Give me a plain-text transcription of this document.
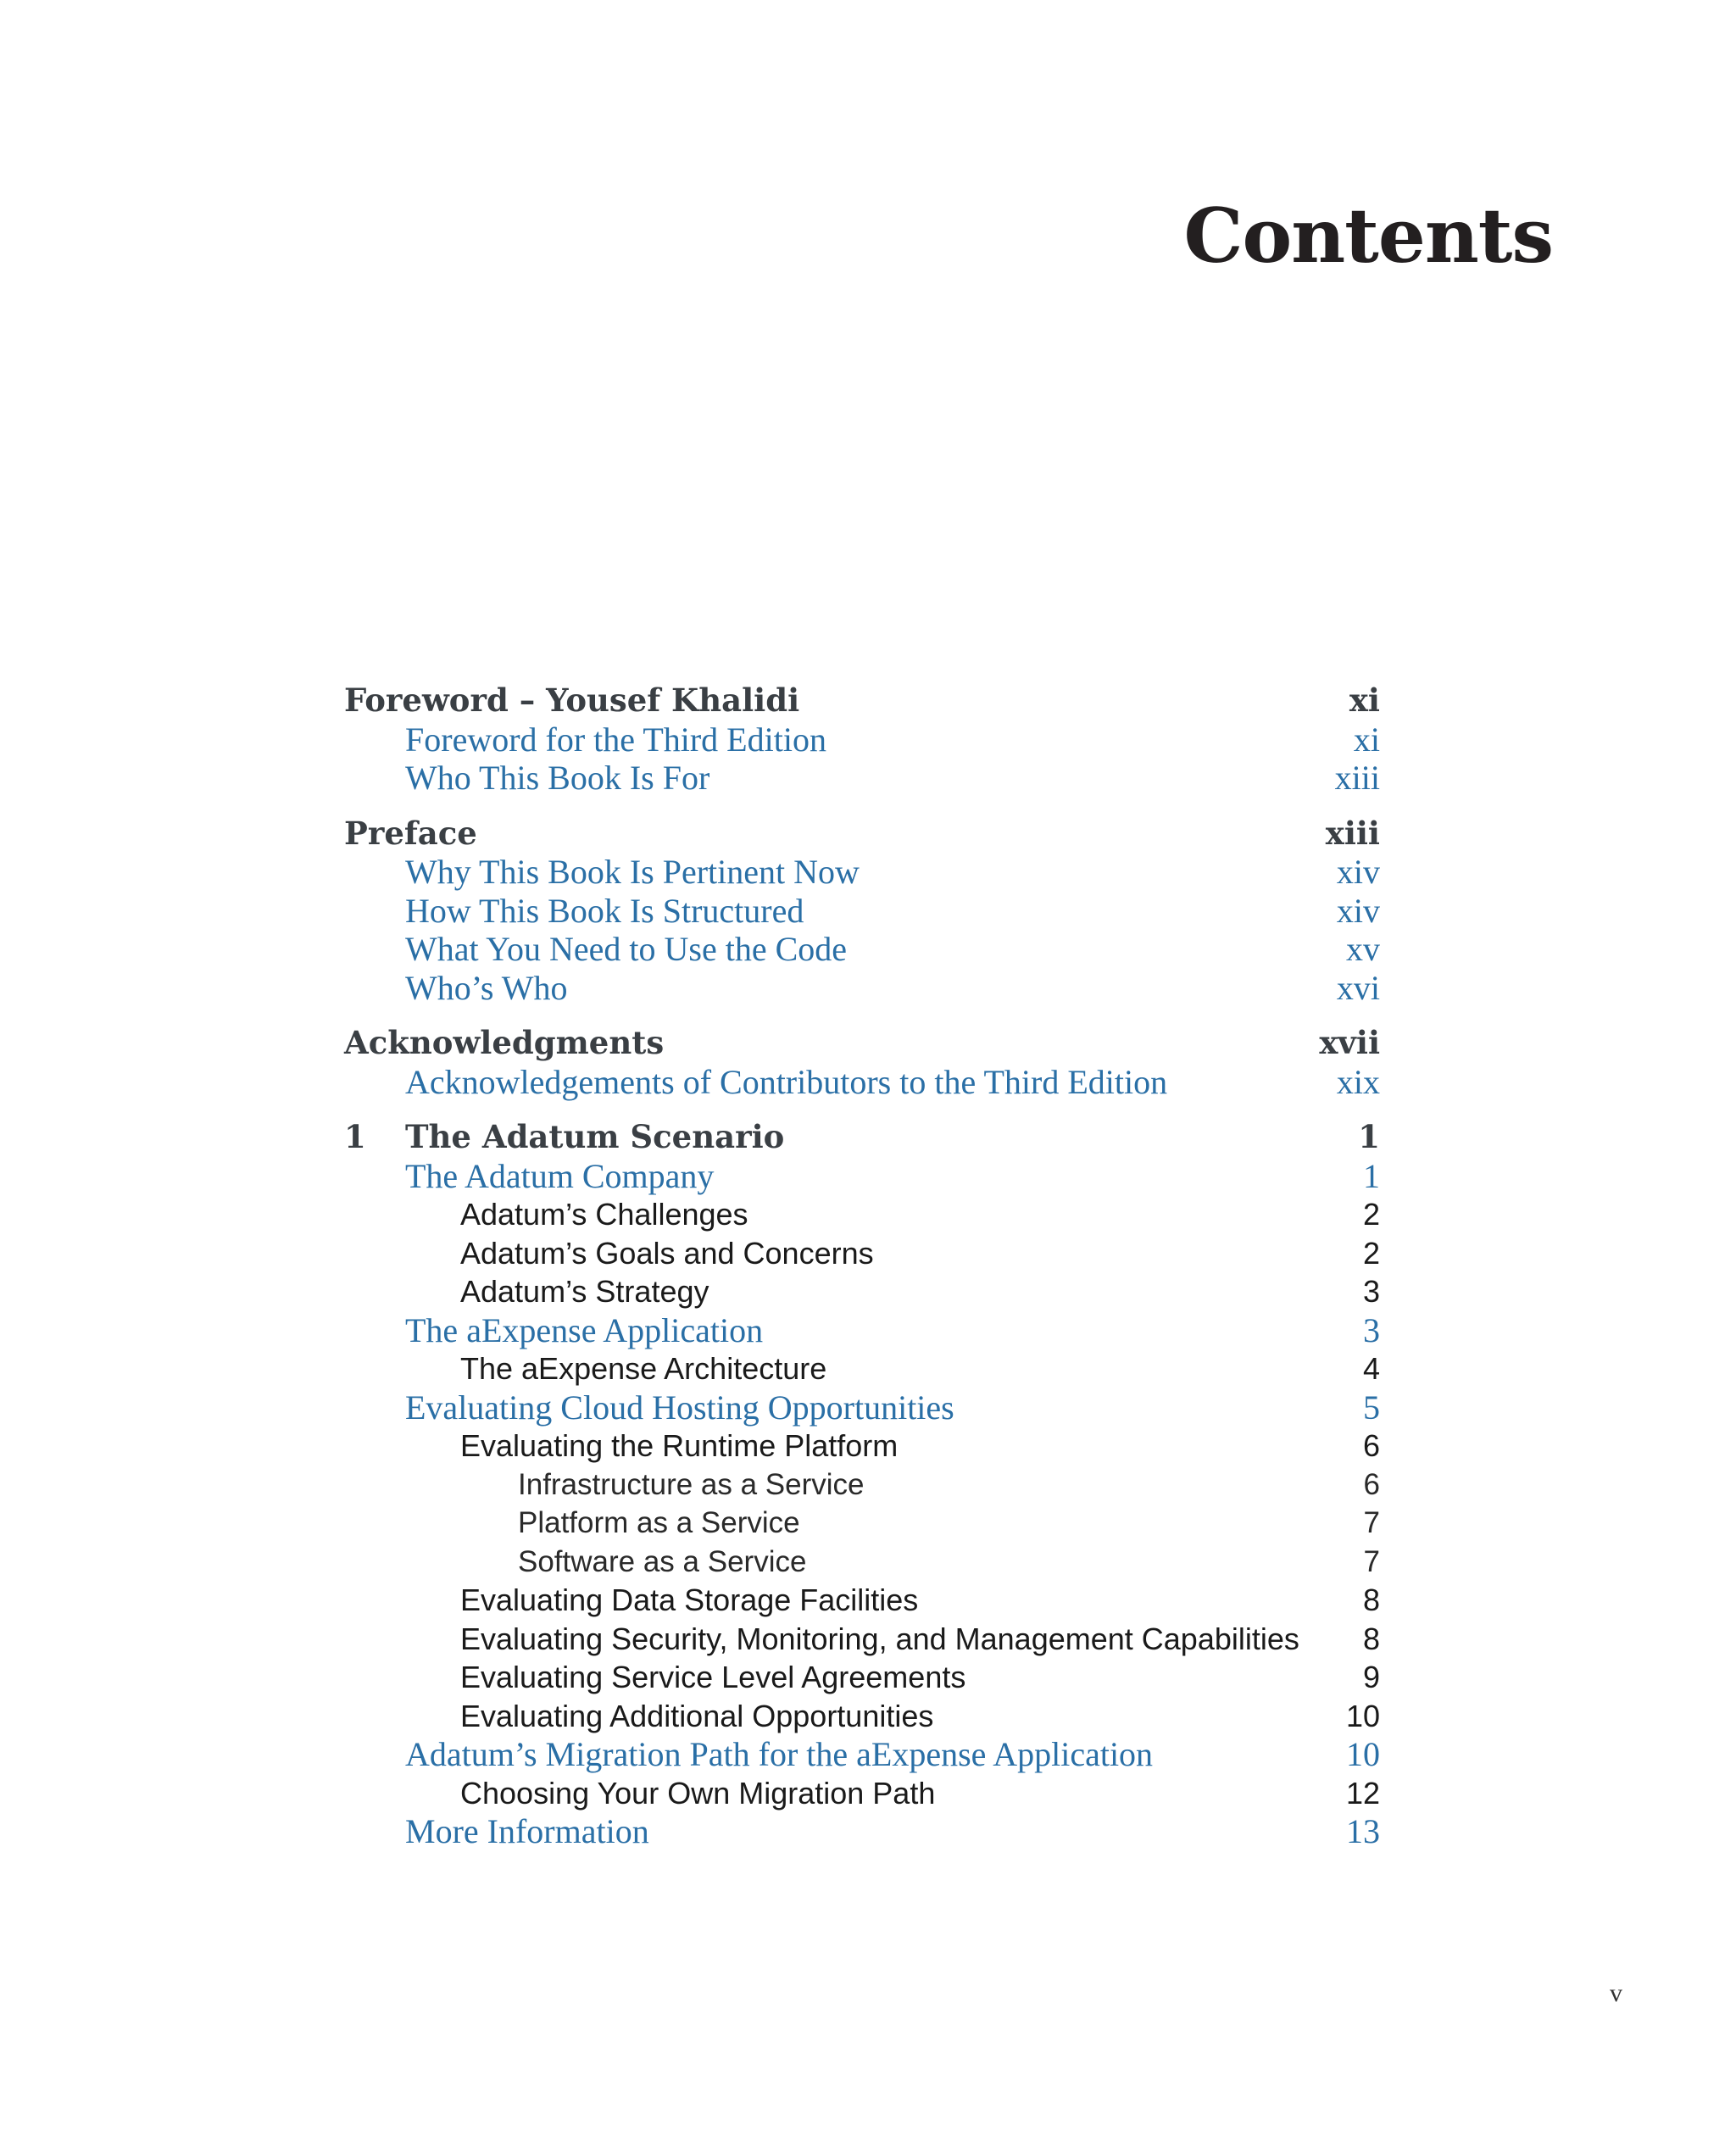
Contents
Foreword – Yousef Khalidi	xi
Foreword for the Third Edition	xi
Who This Book Is For	xiii
Preface	xiii
Why This Book Is Pertinent Now	xiv
How This Book Is Structured	xiv
What You Need to Use the Code	xv
Who’s Who	xvi
Acknowledgments	xvii
Acknowledgements of Contributors to the Third Edition	xix
1 The Adatum Scenario	1
The Adatum Company	1
Adatum’s Challenges	2
Adatum’s Goals and Concerns	2
Adatum’s Strategy	3
The aExpense Application	3
The aExpense Architecture	4
Evaluating Cloud Hosting Opportunities	5
Evaluating the Runtime Platform	6
Infrastructure as a Service	6
Platform as a Service	7
Software as a Service	7
Evaluating Data Storage Facilities	8
Evaluating Security, Monitoring, and Management Capabilities 8
Evaluating Service Level Agreements	9
Evaluating Additional Opportunities	10
Adatum’s Migration Path for the aExpense Application	10
Choosing Your Own Migration Path	12
More Information	13
v
